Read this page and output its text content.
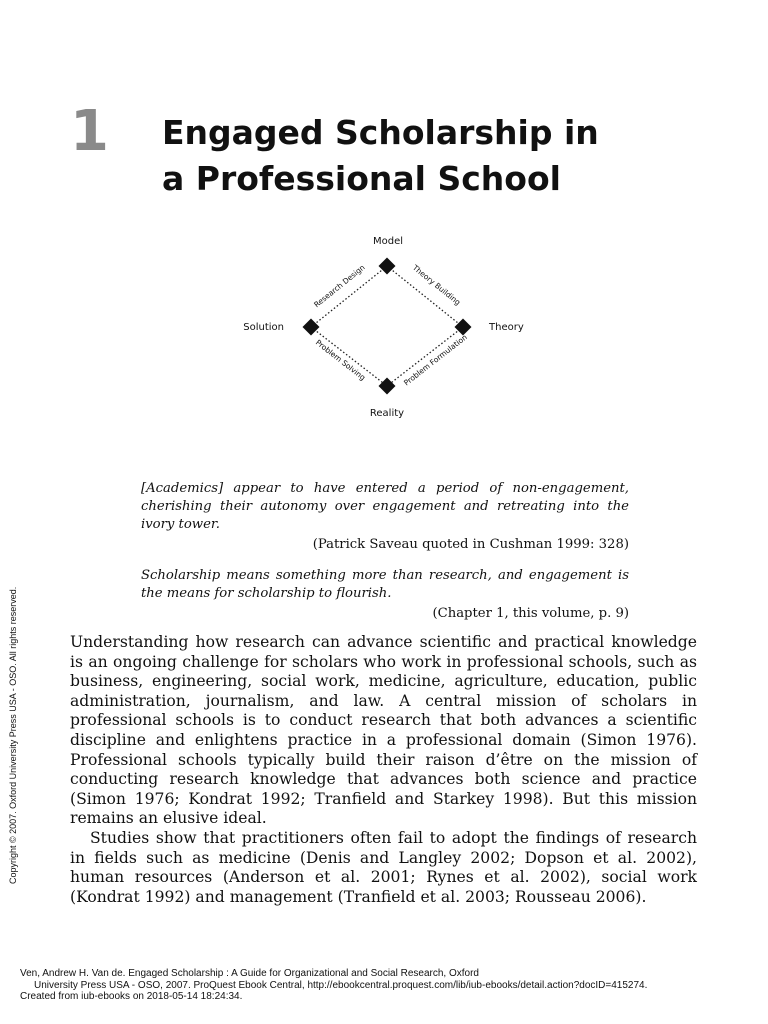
1 Engaged Scholarship in
a Professional School
Model
Theory
Reality
Solution
Research Design	Theory Building
Problem Formulation
Problem Solving
[Academics] appear to have entered a period of non-engagement, cherishing their autonomy over engagement and retreating into the ivory tower.
(Patrick Saveau quoted in Cushman 1999: 328)
Scholarship means something more than research, and engagement is the means for scholarship to flourish.
(Chapter 1, this volume, p. 9)

Understanding how research can advance scientific and practical knowledge is an ongoing challenge for scholars who work in professional schools, such as business, engineering, social work, medicine, agriculture, education, public administration, journalism, and law. A central mission of scholars in professional schools is to conduct research that both advances a scientific discipline and enlightens practice in a professional domain (Simon 1976). Professional schools typically build their raison d’être on the mission of conducting research knowledge that advances both science and practice (Simon 1976; Kondrat 1992; Tranfield and Starkey 1998). But this mission remains an elusive ideal.

Studies show that practitioners often fail to adopt the findings of research in fields such as medicine (Denis and Langley 2002; Dopson et al. 2002), human resources (Anderson et al. 2001; Rynes et al. 2002), social work (Kondrat 1992) and management (Tranfield et al. 2003; Rousseau 2006).

Copyright © 2007. Oxford University Press USA - OSO. All rights reserved.
Ven, Andrew H. Van de. Engaged Scholarship : A Guide for Organizational and Social Research, Oxford
University Press USA - OSO, 2007. ProQuest Ebook Central, http://ebookcentral.proquest.com/lib/iub-ebooks/detail.action?docID=415274.
Created from iub-ebooks on 2018-05-14 18:24:34.
